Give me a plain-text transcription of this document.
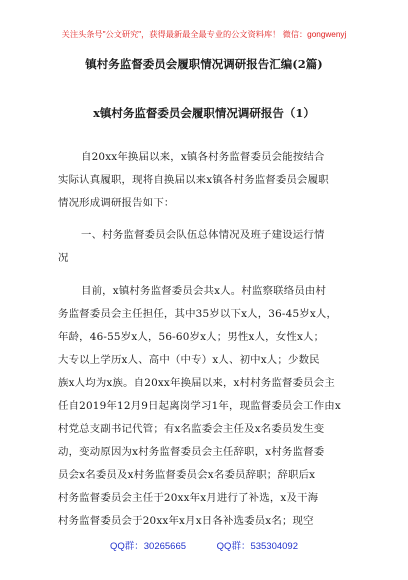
关注头条号"公文研究"，获得最新最全最专业的公文资料库！ 微信：gongwenyj
镇村务监督委员会履职情况调研报告汇编(2篇)
x镇村务监督委员会履职情况调研报告（1）
自20xx年换届以来，x镇各村务监督委员会能按结合
实际认真履职，现将自换届以来x镇各村务监督委员会履职
情况形成调研报告如下：
一、村务监督委员会队伍总体情况及班子建设运行情
况
目前，x镇村务监督委员会共x人。村监察联络员由村
务监督委员会主任担任，其中35岁以下x人，36-45岁x人，
年龄，46-55岁x人，56-60岁x人；男性x人，女性x人；
大专以上学历x人、高中（中专）x人、初中x人；少数民
族x人均为x族。自20xx年换届以来，x村村务监督委员会主
任自2019年12月9日起离岗学习1年，现监督委员会工作由x
村党总支副书记代管；有x名监委会主任及x名委员发生变
动，变动原因为x村务监督委员会主任辞职，x村务监督委
员会x名委员及x村务监督委员会x名委员辞职；辞职后x
村务监督委员会主任于20xx年x月进行了补选，x及干海
村务监督委员会于20xx年x月x日各补选委员x名；现空
QQ群：30265665	QQ群：535304092
